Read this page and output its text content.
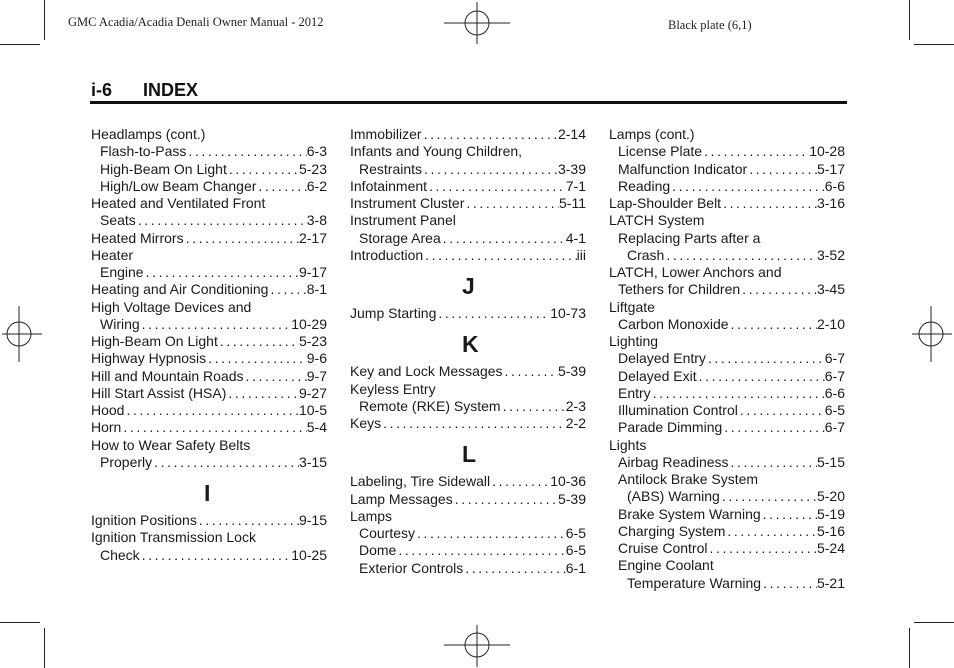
GMC Acadia/Acadia Denali Owner Manual - 2012	Black plate (6,1)
i-6 INDEX
Headlamps (cont.)
Flash-to-Pass .....	6-3
High-Beam On Light .....	5-23
High/Low Beam Changer .....	6-2
Heated and Ventilated Front
Seats .....	3-8
Heated Mirrors .....	2-17
Heater
Engine .....	9-17
Heating and Air Conditioning .....	8-1
High Voltage Devices and
Wiring .....	10-29
High-Beam On Light .....	5-23
Highway Hypnosis .....	9-6
Hill and Mountain Roads .....	9-7
Hill Start Assist (HSA) .....	9-27
Hood .....	10-5
Horn .....	5-4
How to Wear Safety Belts
Properly .....	3-15
I
Ignition Positions .....	9-15
Ignition Transmission Lock
Check .....	10-25
Immobilizer .....	2-14
Infants and Young Children,
Restraints .....	3-39
Infotainment .....	7-1
Instrument Cluster .....	5-11
Instrument Panel
Storage Area .....	4-1
Introduction .....	iii
J
Jump Starting .....	10-73
K
Key and Lock Messages .....	5-39
Keyless Entry
Remote (RKE) System .....	2-3
Keys .....	2-2
L
Labeling, Tire Sidewall .....	10-36
Lamp Messages .....	5-39
Lamps
Courtesy .....	6-5
Dome .....	6-5
Exterior Controls .....	6-1
Lamps (cont.)
License Plate .....	10-28
Malfunction Indicator .....	5-17
Reading .....	6-6
Lap-Shoulder Belt .....	3-16
LATCH System
Replacing Parts after a
Crash .....	3-52
LATCH, Lower Anchors and
Tethers for Children .....	3-45
Liftgate
Carbon Monoxide .....	2-10
Lighting
Delayed Entry .....	6-7
Delayed Exit .....	6-7
Entry .....	6-6
Illumination Control .....	6-5
Parade Dimming .....	6-7
Lights
Airbag Readiness .....	5-15
Antilock Brake System
(ABS) Warning .....	5-20
Brake System Warning .....	5-19
Charging System .....	5-16
Cruise Control .....	5-24
Engine Coolant
Temperature Warning .....	5-21
